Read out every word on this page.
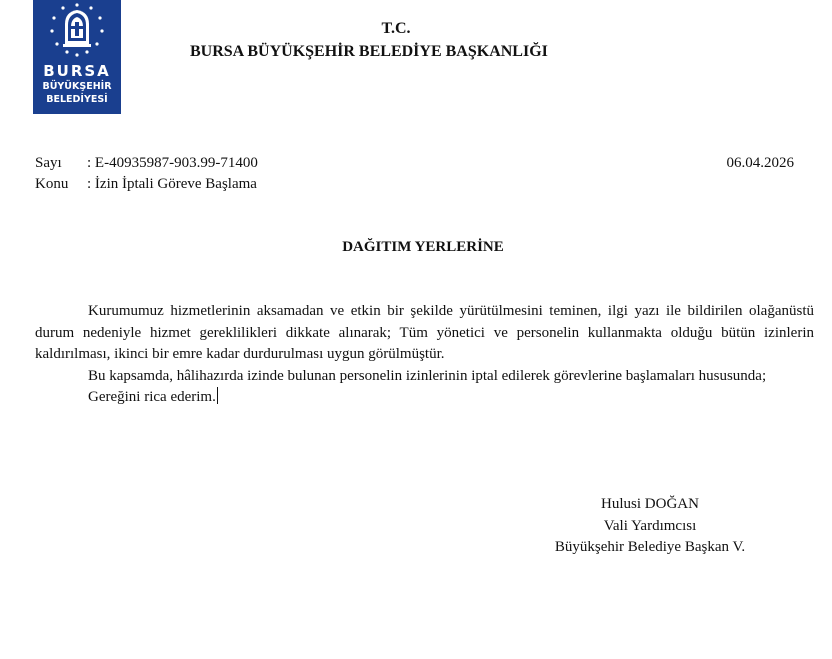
BURSA
BÜYÜKŞEHİR
BELEDİYESİ
T.C.
BURSA BÜYÜKŞEHİR BELEDİYE BAŞKANLIĞI
Sayı : E-40935987-903.99-71400
Konu : İzin İptali Göreve Başlama
06.04.2026
DAĞITIM YERLERİNE

Kurumumuz hizmetlerinin aksamadan ve etkin bir şekilde yürütülmesini teminen, ilgi yazı ile bildirilen olağanüstü durum nedeniyle hizmet gereklilikleri dikkate alınarak; Tüm yönetici ve personelin kullanmakta olduğu bütün izinlerin kaldırılması, ikinci bir emre kadar durdurulması uygun görülmüştür.

Bu kapsamda, hâlihazırda izinde bulunan personelin izinlerinin iptal edilerek görevlerine başlamaları hususunda;

Gereğini rica ederim.

Hulusi DOĞAN
Vali Yardımcısı
Büyükşehir Belediye Başkan V.
